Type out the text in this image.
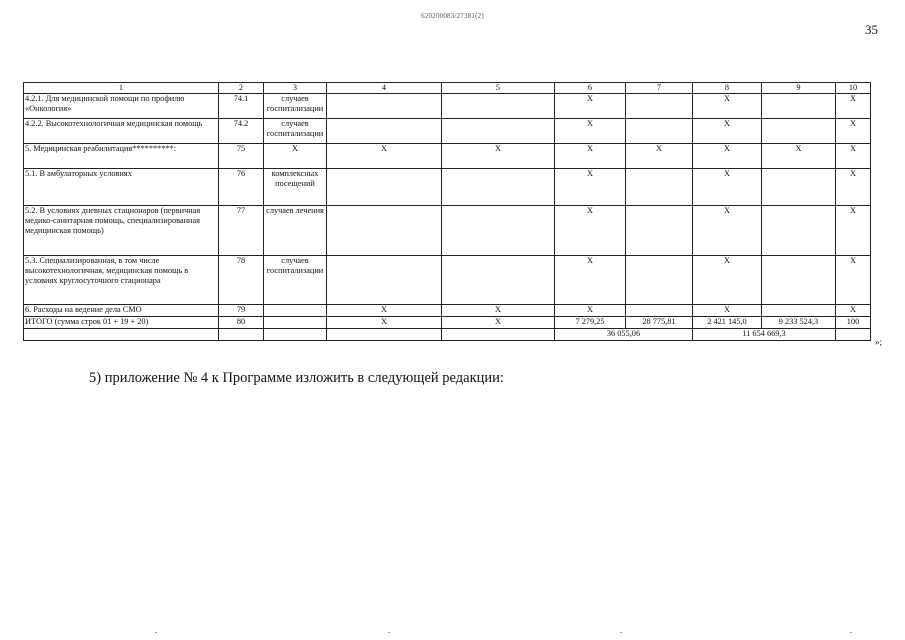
620200083/27381(2)
35
1	2	3	4	5	6	7	8	9	10
4.2.1. Для медицинской помощи по профилю «Онкология»	74.1	случаев госпитализации			X		X		X
4.2.2. Высокотехнологичная медицинская помощь	74.2	случаев госпитализации			X		X		X
5. Медицинская реабилитация**********:	75	X	X	X	X	X	X	X	X
5.1. В амбулаторных условиях	76	комплексных посещений			X		X		X
5.2. В условиях дневных стационаров (первичная медико-санитарная помощь, специализированная медицинская помощь)	77	случаев лечения			X		X		X
5.3. Специализированная, в том числе высокотехнологичная, медицинская помощь в условиях круглосуточного стационара	78	случаев госпитализации			X		X		X
6. Расходы на ведение дела СМО	79		X	X	X		X		X
ИТОГО (сумма строк 01 + 19 + 20)	80		X	X	7 279,25	28 775,81	2 421 145,0	9 233 524,3	100
					36 055,06		11 654 669,3		
»;
5) приложение № 4 к Программе изложить в следующей редакции:
